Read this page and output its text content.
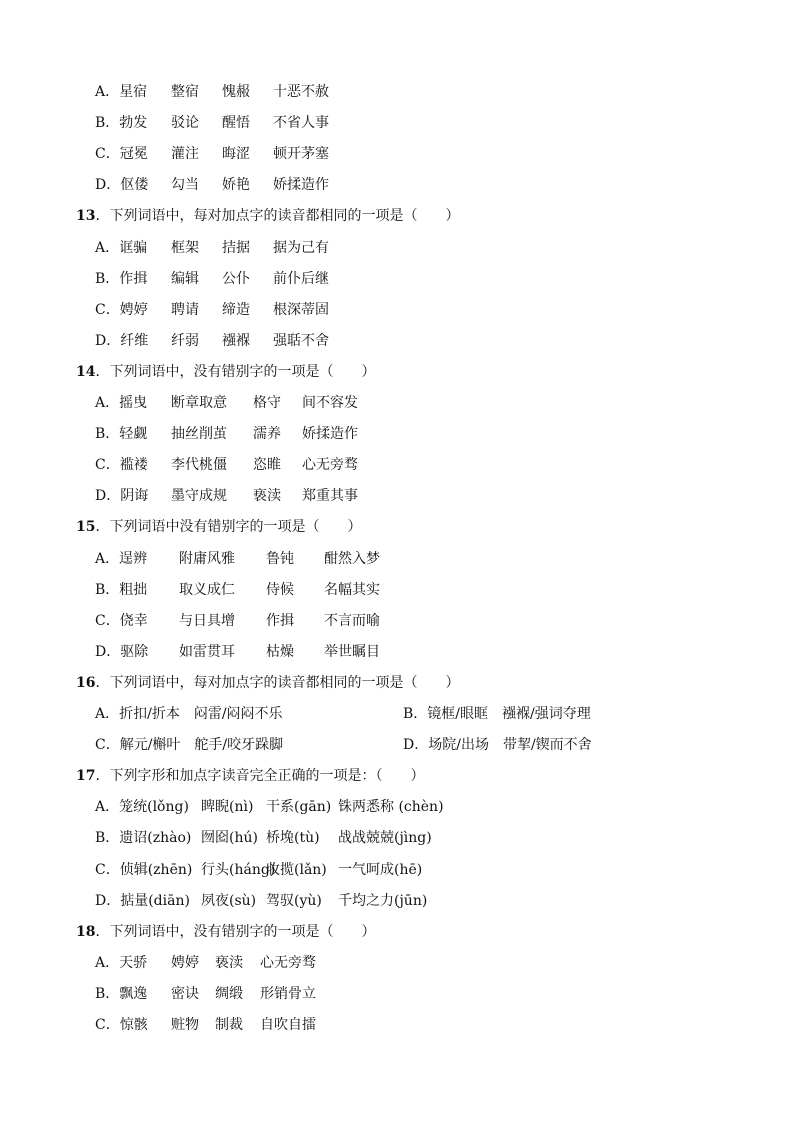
A．星宿 整宿 愧赧 十恶不赦
B．勃发 驳论 醒悟 不省人事
C．冠冕 灌注 晦涩 顿开茅塞
D．伛偻 勾当 娇艳 娇揉造作
13．下列词语中，每对加点字的读音都相同的一项是（　　）
A．诓骗 框架 拮据 据为己有
B．作揖 编辑 公仆 前仆后继
C．娉婷 聘请 缔造 根深蒂固
D．纤维 纤弱 襁褓 强聒不舍
14．下列词语中，没有错别字的一项是（　　）
A．摇曳 断章取意 格守 间不容发
B．轻觑 抽丝削茧 濡养 娇揉造作
C．褴褛 李代桃僵 恣睢 心无旁骛
D．阴诲 墨守成规 亵渎 郑重其事
15．下列词语中没有错别字的一项是（　　）
A．逞辨 附庸风雅 鲁钝 酣然入梦
B．粗拙 取义成仁 侍候 名幅其实
C．侥幸 与日具增 作揖 不言而喻
D．驱除 如雷贯耳 枯燥 举世瞩目
16．下列词语中，每对加点字的读音都相同的一项是（　　）
A．折扣/折本　闷雷/闷闷不乐	B．镜框/眼眶　襁褓/强词夺理
C．解元/槲叶　舵手/咬牙跺脚	D．场院/出场　带挈/锲而不舍
17．下列字形和加点字读音完全正确的一项是：（　　）
A．笼统(lǒng) 睥睨(nì) 干系(gān) 铢两悉称 (chèn)
B．遗诏(zhào) 囫囵(hú) 桥堍(tù) 战战兢兢(jìng)
C．侦辑(zhēn) 行头(háng)
收揽(lǎn) 一气呵成(hē)
D．掂量(diān) 夙夜(sù) 驾驭(yù) 千均之力(jūn)
18．下列词语中，没有错别字的一项是（　　）
A．天骄 娉婷 亵渎 心无旁骛
B．飘逸 密诀 绸缎 形销骨立
C．惊骸 赃物 制裁 自吹自擂
